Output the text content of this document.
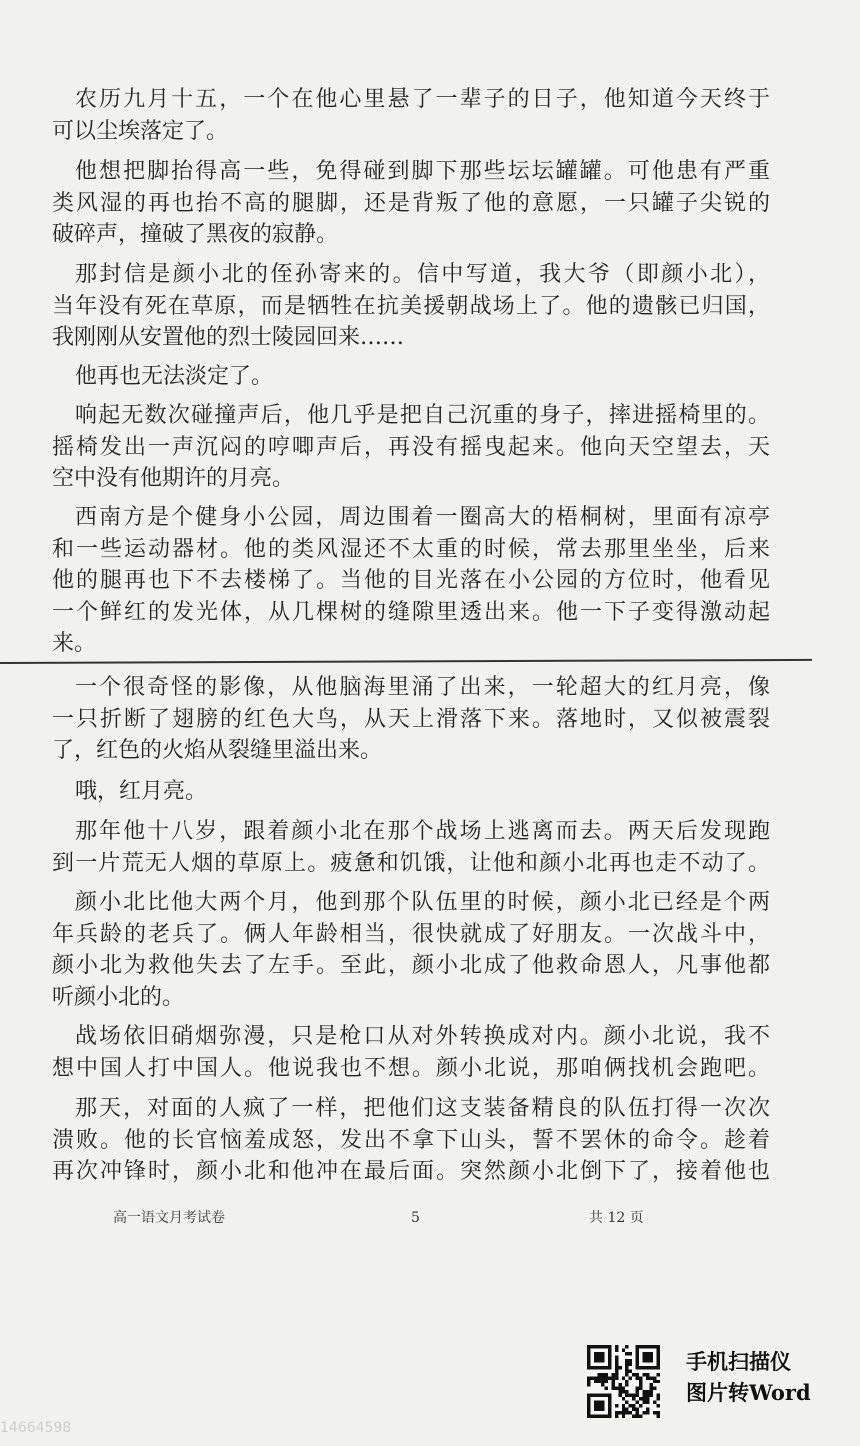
农历九月十五，一个在他心里悬了一辈子的日子，他知道今天终于
可以尘埃落定了。
他想把脚抬得高一些，免得碰到脚下那些坛坛罐罐。可他患有严重
类风湿的再也抬不高的腿脚，还是背叛了他的意愿，一只罐子尖锐的
破碎声，撞破了黑夜的寂静。
那封信是颜小北的侄孙寄来的。信中写道，我大爷（即颜小北），
当年没有死在草原，而是牺牲在抗美援朝战场上了。他的遗骸已归国，
我刚刚从安置他的烈士陵园回来……
他再也无法淡定了。
响起无数次碰撞声后，他几乎是把自己沉重的身子，摔进摇椅里的。
摇椅发出一声沉闷的哼唧声后，再没有摇曳起来。他向天空望去，天
空中没有他期许的月亮。
西南方是个健身小公园，周边围着一圈高大的梧桐树，里面有凉亭
和一些运动器材。他的类风湿还不太重的时候，常去那里坐坐，后来
他的腿再也下不去楼梯了。当他的目光落在小公园的方位时，他看见
一个鲜红的发光体，从几棵树的缝隙里透出来。他一下子变得激动起
来。
一个很奇怪的影像，从他脑海里涌了出来，一轮超大的红月亮，像
一只折断了翅膀的红色大鸟，从天上滑落下来。落地时，又似被震裂
了，红色的火焰从裂缝里溢出来。
哦，红月亮。
那年他十八岁，跟着颜小北在那个战场上逃离而去。两天后发现跑
到一片荒无人烟的草原上。疲惫和饥饿，让他和颜小北再也走不动了。
颜小北比他大两个月，他到那个队伍里的时候，颜小北已经是个两
年兵龄的老兵了。俩人年龄相当，很快就成了好朋友。一次战斗中，
颜小北为救他失去了左手。至此，颜小北成了他救命恩人，凡事他都
听颜小北的。
战场依旧硝烟弥漫，只是枪口从对外转换成对内。颜小北说，我不
想中国人打中国人。他说我也不想。颜小北说，那咱俩找机会跑吧。
那天，对面的人疯了一样，把他们这支装备精良的队伍打得一次次
溃败。他的长官恼羞成怒，发出不拿下山头，誓不罢休的命令。趁着
再次冲锋时，颜小北和他冲在最后面。突然颜小北倒下了，接着他也
高一语文月考试卷	5	共 12 页
手机扫描仪
图片转Word
14664598
